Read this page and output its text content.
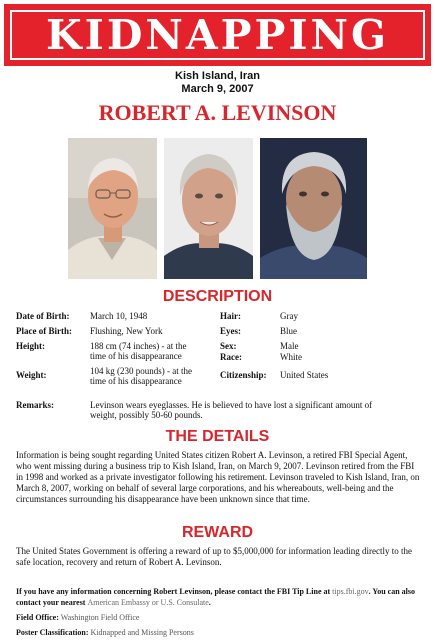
KIDNAPPING
Kish Island, Iran
March 9, 2007
ROBERT A. LEVINSON
DESCRIPTION
Date of Birth: March 10, 1948
Place of Birth: Flushing, New York
Height:	188 cm (74 inches) - at the
time of his disappearance
Weight:	104 kg (230 pounds) - at the
time of his disappearance
Hair:	Gray
Eyes:	Blue
Sex:	Male
Race:	White
Citizenship: United States
Remarks:	Levinson wears eyeglasses. He is believed to have lost a significant amount of
weight, possibly 50-60 pounds.
THE DETAILS
Information is being sought regarding United States citizen Robert A. Levinson, a retired FBI Special Agent, who went missing during a business trip to Kish Island, Iran, on March 9, 2007. Levinson retired from the FBI in 1998 and worked as a private investigator following his retirement. Levinson traveled to Kish Island, Iran, on March 8, 2007, working on behalf of several large corporations, and his whereabouts, well-being and the circumstances surrounding his disappearance have been unknown since that time.
REWARD
The United States Government is offering a reward of up to $5,000,000 for information leading directly to the safe location, recovery and return of Robert A. Levinson.
If you have any information concerning Robert Levinson, please contact the FBI Tip Line at tips.fbi.gov. You can also contact your nearest American Embassy or U.S. Consulate.
Field Office: Washington Field Office
Poster Classification: Kidnapped and Missing Persons
